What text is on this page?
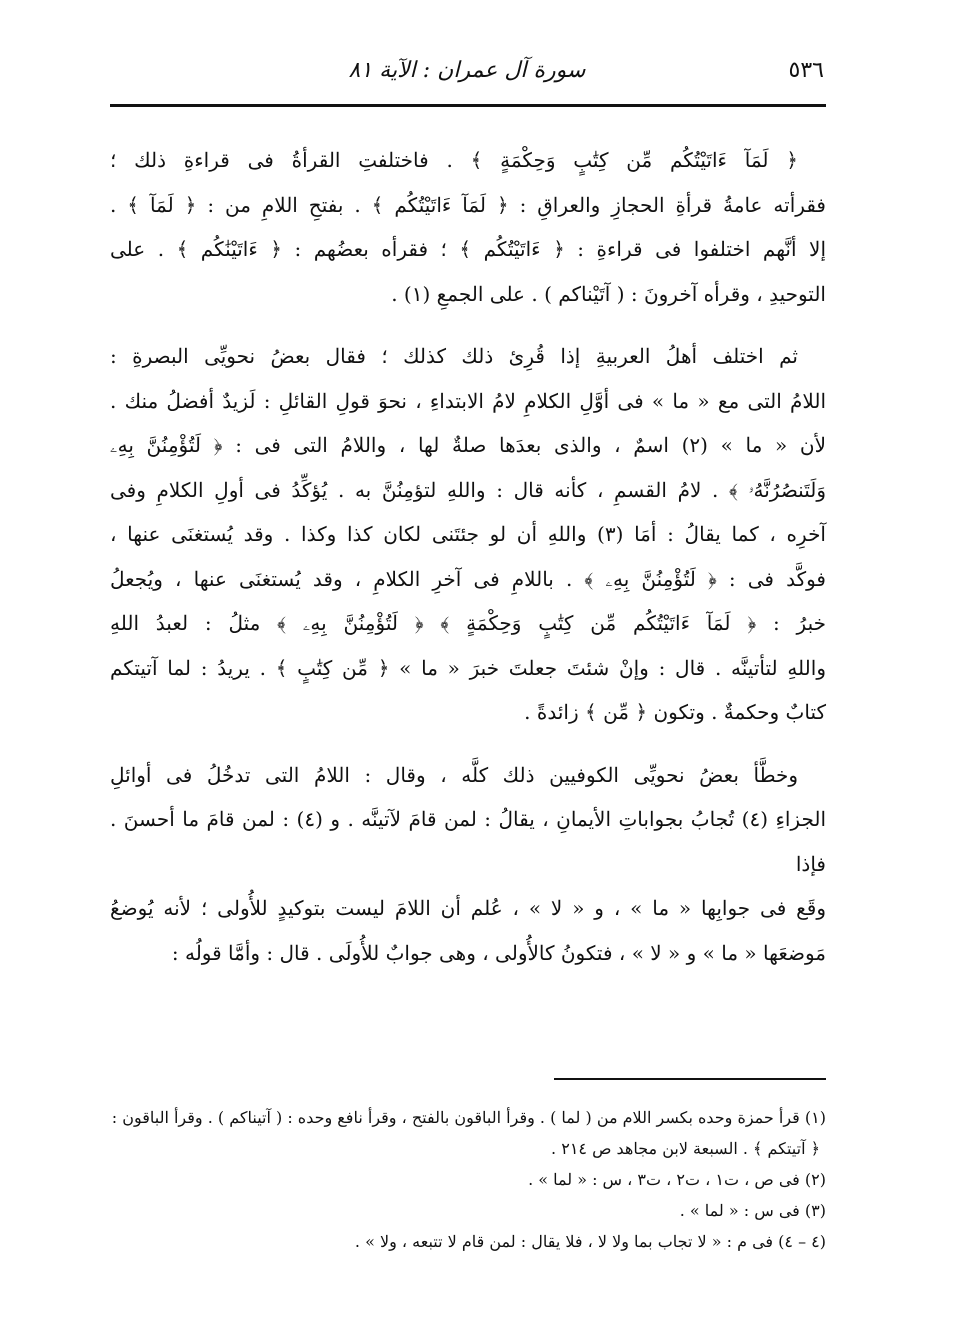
٥٣٦
سورة آل عمران : الآية ٨١
﴿ لَمَآ ءَاتَيْتُكُم مِّن كِتَٰبٍ وَحِكْمَةٍ ﴾ . فاختلفتِ القرأةُ فى قراءةِ ذلك ؛
فقرأته عامةُ قرأةِ الحجازِ والعراقِ : ﴿ لَمَآ ءَاتَيْتُكُم ﴾ . بفتحِ اللامِ من : ﴿ لَمَآ ﴾ .
إلا أنَّهم اختلفوا فى قراءةِ : ﴿ ءَاتَيْتُكُم ﴾ ؛ فقرأه بعضُهم : ﴿ ءَاتَيْنَٰكُم ﴾ . على
التوحيدِ ، وقرأه آخرونَ : ( آتَيْناكم ) . على الجمعِ (١) .
ثم اختلف أهلُ العربيةِ إذا قُرِئ ذلك كذلك ؛ فقال بعضُ نحويِّى البصرةِ :
اللامُ التى مع « ما » فى أوَّلِ الكلامِ لامُ الابتداءِ ، نحوَ قولِ القائلِ : لَزيدٌ أفضلُ منك .
لأن « ما » (٢) اسمٌ ، والذى بعدَها صلةٌ لها ، واللامُ التى فى : ﴿ لَتُؤْمِنُنَّ بِهِۦ
وَلَتَنصُرُنَّهُۥ ﴾ . لامُ القسمِ ، كأنه قال : واللهِ لتؤمِنُنَّ به . يُؤكِّدُ فى أولِ الكلامِ وفى
آخرِه ، كما يقالُ : أمَا (٣) واللهِ أن لو جئتَنى لكان كذا وكذا . وقد يُستغنَى عنها ،
فوكَّد فى : ﴿ لَتُؤْمِنُنَّ بِهِۦ ﴾ . باللامِ فى آخرِ الكلامِ ، وقد يُستغنَى عنها ، ويُجعلُ
خبرُ : ﴿ لَمَآ ءَاتَيْتُكُم مِّن كِتَٰبٍ وَحِكْمَةٍ ﴾ ﴿ لَتُؤْمِنُنَّ بِهِۦ ﴾ مثلُ : لعبدُ اللهِ
واللهِ لتأتينَّه . قال : وإنْ شئتَ جعلتَ خبرَ « ما » ﴿ مِّن كِتَٰبٍ ﴾ . يريدُ : لما آتيتكم
كتابٌ وحكمةٌ . وتكون ﴿ مِّن ﴾ زائدةً .
وخطَّأ بعضُ نحويِّى الكوفيين ذلك كلَّه ، وقال : اللامُ التى تدخُلُ فى أوائلِ
الجزاءِ (٤) تُجابُ بجواباتِ الأيمانِ ، يقالُ : لمن قامَ لآتينَّه . و (٤) : لمن قامَ ما أحسنَ . فإذا
وقَع فى جوابِها « ما » ، و « لا » ، عُلم أن اللامَ ليست بتوكيدٍ للأُولى ؛ لأنه يُوضعُ
مَوضعَها « ما » و « لا » ، فتكونُ كالأُولى ، وهى جوابٌ للأُولَى . قال : وأمَّا قولُه :
(١) قرأ حمزة وحده بكسر اللام من ( لما ) . وقرأ الباقون بالفتح ، وقرأ نافع وحده : ( آتيناكم ) . وقرأ الباقون :
﴿ آتيتكم ﴾ . السبعة لابن مجاهد ص ٢١٤ .
(٢) فى ص ، ت١ ، ت٢ ، ت٣ ، س : « لما » .
(٣) فى س : « لما » .
(٤ – ٤) فى م : « لا تجاب بما ولا لا ، فلا يقال : لمن قام لا تتبعه ، ولا » .
